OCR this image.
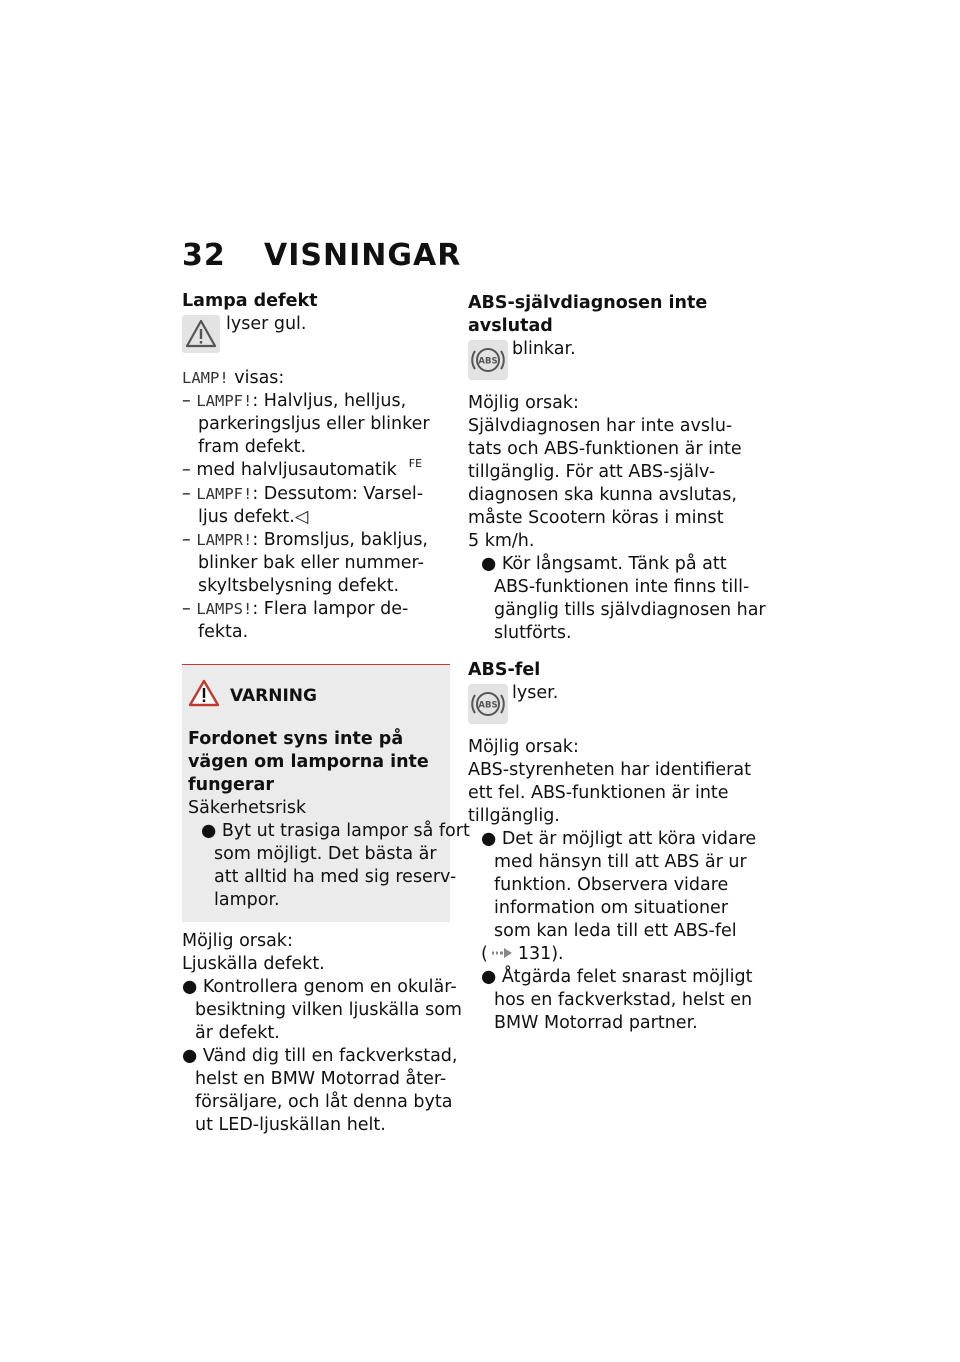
32 VISNINGAR
Lampa defekt
lyser gul.
LAMP! visas:
– LAMPF!: Halvljus, helljus,
parkeringsljus eller blinker
fram defekt.
– med halvljusautomatik $^{FE}$
– LAMPF!: Dessutom: Varsel-
ljus defekt.◁
– LAMPR!: Bromsljus, bakljus,
blinker bak eller nummer-
skyltsbelysning defekt.
– LAMPS!: Flera lampor de-
fekta.
VARNING
Fordonet syns inte på
vägen om lamporna inte
fungerar
Säkerhetsrisk
● Byt ut trasiga lampor så fort
som möjligt. Det bästa är
att alltid ha med sig reserv-
lampor.
Möjlig orsak:
Ljuskälla defekt.
● Kontrollera genom en okulär-
besiktning vilken ljuskälla som
är defekt.
● Vänd dig till en fackverkstad,
helst en BMW Motorrad åter-
försäljare, och låt denna byta
ut LED-ljuskällan helt.
ABS-självdiagnosen inte
avslutad
ABS
blinkar.
Möjlig orsak:
Självdiagnosen har inte avslu-
tats och ABS-funktionen är inte
tillgänglig. För att ABS-själv-
diagnosen ska kunna avslutas,
måste Scootern köras i minst
5 km/h.
● Kör långsamt. Tänk på att
ABS-funktionen inte finns till-
gänglig tills självdiagnosen har
slutförts.
ABS-fel
ABS
lyser.
Möjlig orsak:
ABS-styrenheten har identifierat
ett fel. ABS-funktionen är inte
tillgänglig.
● Det är möjligt att köra vidare
med hänsyn till att ABS är ur
funktion. Observera vidare
information om situationer
som kan leda till ett ABS-fel
( 131).
● Åtgärda felet snarast möjligt
hos en fackverkstad, helst en
BMW Motorrad partner.
